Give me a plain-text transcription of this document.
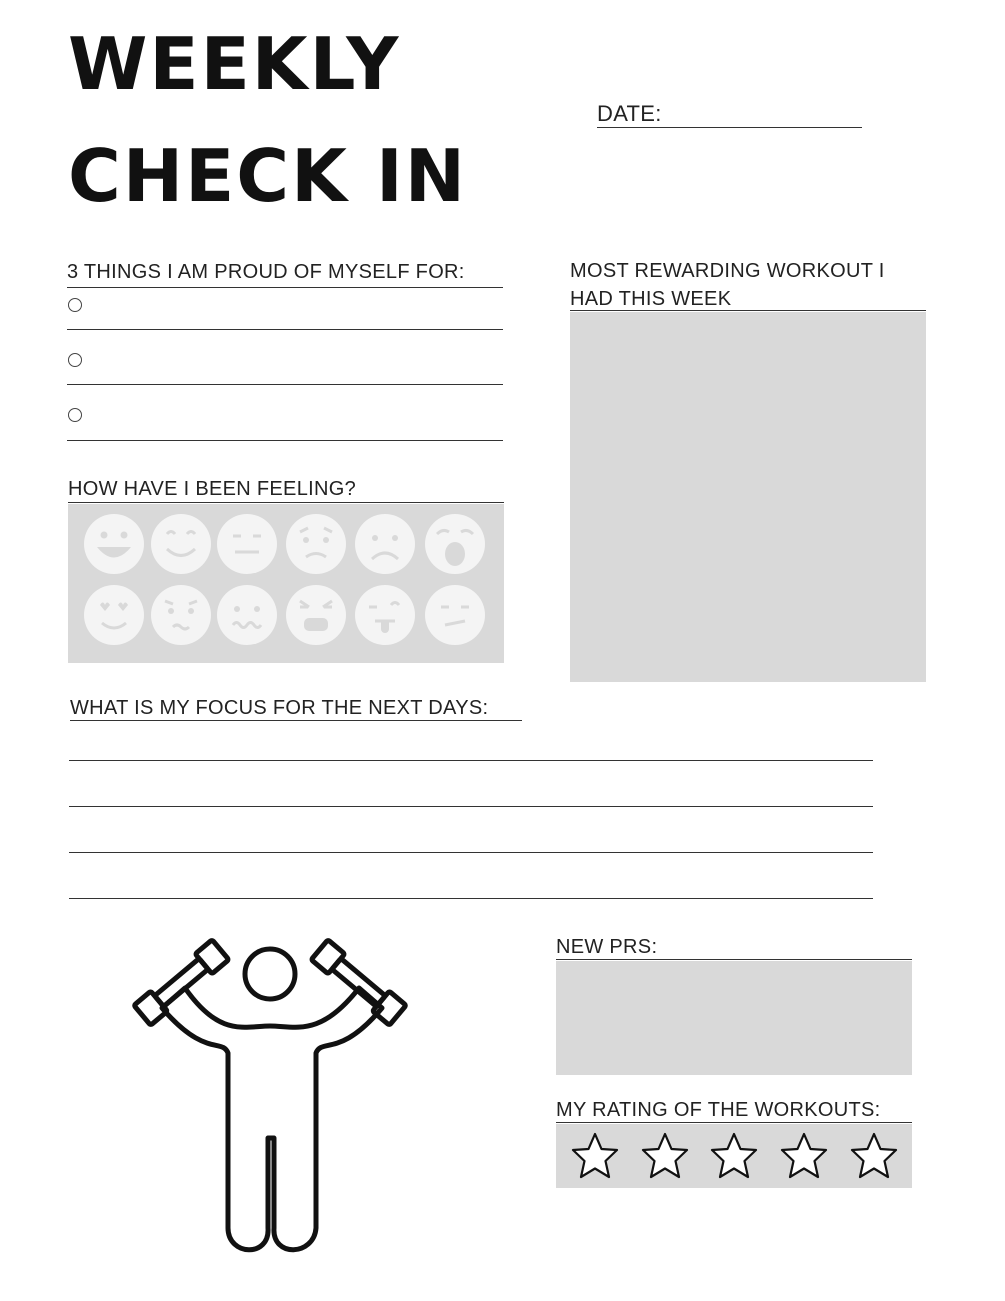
WEEKLY
CHECK IN
DATE:
3 THINGS I AM PROUD OF MYSELF FOR:	MOST REWARDING WORKOUT I
HAD THIS WEEK
HOW HAVE I BEEN FEELING?
WHAT IS MY FOCUS FOR THE NEXT DAYS:
NEW PRS:
MY RATING OF THE WORKOUTS:
